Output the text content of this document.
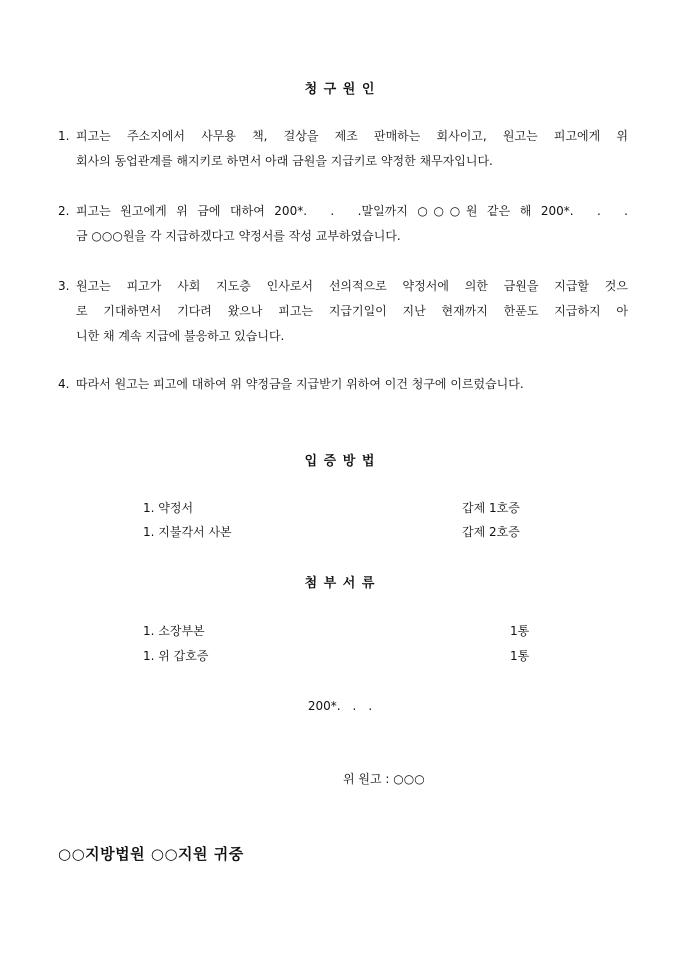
청 구 원 인
1. 피고는 주소지에서 사무용 책, 걸상을 제조 판매하는 회사이고, 원고는 피고에게 위
회사의 동업관계를 해지키로 하면서 아래 금원을 지급키로 약정한 채무자입니다.
2. 피고는 원고에게 위 금에 대하여 200*.　.　.말일까지 ○○○원 같은 해 200*.　.　.
금 ○○○원을 각 지급하겠다고 약정서를 작성 교부하였습니다.
3. 원고는 피고가 사회 지도층 인사로서 선의적으로 약정서에 의한 금원을 지급할 것으
로 기대하면서 기다려 왔으나 피고는 지급기일이 지난 현재까지 한푼도 지급하지 아
니한 채 계속 지급에 불응하고 있습니다.
4. 따라서 원고는 피고에 대하여 위 약정금을 지급받기 위하여 이건 청구에 이르렀습니다.
입 증 방 법
1. 약정서	갑제 1호증
1. 지불각서 사본	갑제 2호증
첨 부 서 류
1. 소장부본	1통
1. 위 갑호증	1통
200*.　.　.
위 원고 : ○○○
○○지방법원 ○○지원 귀중
